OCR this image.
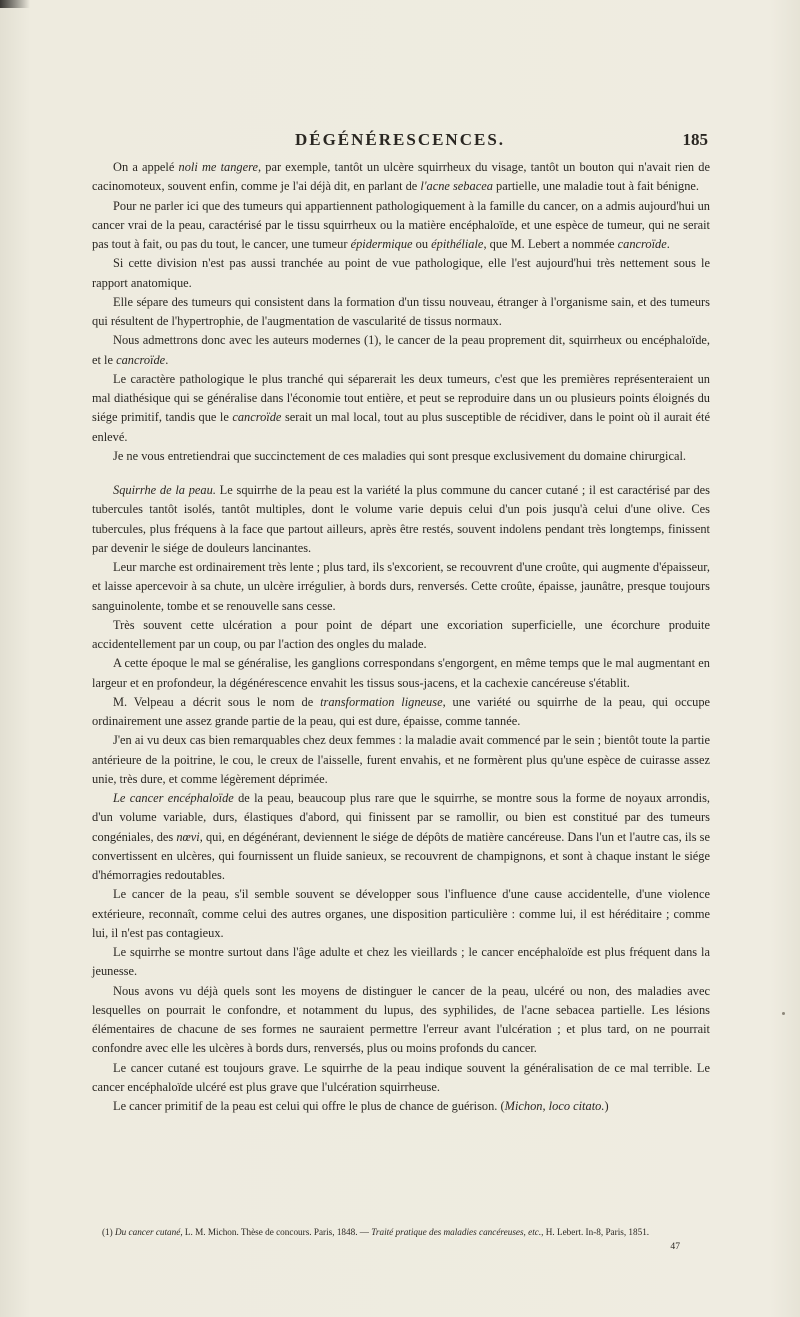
DÉGÉNÉRESCENCES.	185

On a appelé noli me tangere, par exemple, tantôt un ulcère squirrheux du visage, tantôt un bouton qui n'avait rien de cacinomoteux, souvent enfin, comme je l'ai déjà dit, en parlant de l'acne sebacea partielle, une maladie tout à fait bénigne.

Pour ne parler ici que des tumeurs qui appartiennent pathologiquement à la famille du cancer, on a admis aujourd'hui un cancer vrai de la peau, caractérisé par le tissu squirrheux ou la matière encéphaloïde, et une espèce de tumeur, qui ne serait pas tout à fait, ou pas du tout, le cancer, une tumeur épidermique ou épithéliale, que M. Lebert a nommée cancroïde.

Si cette division n'est pas aussi tranchée au point de vue pathologique, elle l'est aujourd'hui très nettement sous le rapport anatomique.

Elle sépare des tumeurs qui consistent dans la formation d'un tissu nouveau, étranger à l'organisme sain, et des tumeurs qui résultent de l'hypertrophie, de l'augmentation de vascularité de tissus normaux.

Nous admettrons donc avec les auteurs modernes (1), le cancer de la peau proprement dit, squirrheux ou encéphaloïde, et le cancroïde.

Le caractère pathologique le plus tranché qui séparerait les deux tumeurs, c'est que les premières représenteraient un mal diathésique qui se généralise dans l'économie tout entière, et peut se reproduire dans un ou plusieurs points éloignés du siége primitif, tandis que le cancroïde serait un mal local, tout au plus susceptible de récidiver, dans le point où il aurait été enlevé.

Je ne vous entretiendrai que succinctement de ces maladies qui sont presque exclusivement du domaine chirurgical.

Squirrhe de la peau. Le squirrhe de la peau est la variété la plus commune du cancer cutané ; il est caractérisé par des tubercules tantôt isolés, tantôt multiples, dont le volume varie depuis celui d'un pois jusqu'à celui d'une olive. Ces tubercules, plus fréquens à la face que partout ailleurs, après être restés, souvent indolens pendant très longtemps, finissent par devenir le siége de douleurs lancinantes.

Leur marche est ordinairement très lente ; plus tard, ils s'excorient, se recouvrent d'une croûte, qui augmente d'épaisseur, et laisse apercevoir à sa chute, un ulcère irrégulier, à bords durs, renversés. Cette croûte, épaisse, jaunâtre, presque toujours sanguinolente, tombe et se renouvelle sans cesse.

Très souvent cette ulcération a pour point de départ une excoriation superficielle, une écorchure produite accidentellement par un coup, ou par l'action des ongles du malade.

A cette époque le mal se généralise, les ganglions correspondans s'engorgent, en même temps que le mal augmentant en largeur et en profondeur, la dégénérescence envahit les tissus sous-jacens, et la cachexie cancéreuse s'établit.

M. Velpeau a décrit sous le nom de transformation ligneuse, une variété ou squirrhe de la peau, qui occupe ordinairement une assez grande partie de la peau, qui est dure, épaisse, comme tannée.

J'en ai vu deux cas bien remarquables chez deux femmes : la maladie avait commencé par le sein ; bientôt toute la partie antérieure de la poitrine, le cou, le creux de l'aisselle, furent envahis, et ne formèrent plus qu'une espèce de cuirasse assez unie, très dure, et comme légèrement déprimée.

Le cancer encéphaloïde de la peau, beaucoup plus rare que le squirrhe, se montre sous la forme de noyaux arrondis, d'un volume variable, durs, élastiques d'abord, qui finissent par se ramollir, ou bien est constitué par des tumeurs congéniales, des nœvi, qui, en dégénérant, deviennent le siége de dépôts de matière cancéreuse. Dans l'un et l'autre cas, ils se convertissent en ulcères, qui fournissent un fluide sanieux, se recouvrent de champignons, et sont à chaque instant le siége d'hémorragies redoutables.

Le cancer de la peau, s'il semble souvent se développer sous l'influence d'une cause accidentelle, d'une violence extérieure, reconnaît, comme celui des autres organes, une disposition particulière : comme lui, il est héréditaire ; comme lui, il n'est pas contagieux.

Le squirrhe se montre surtout dans l'âge adulte et chez les vieillards ; le cancer encéphaloïde est plus fréquent dans la jeunesse.

Nous avons vu déjà quels sont les moyens de distinguer le cancer de la peau, ulcéré ou non, des maladies avec lesquelles on pourrait le confondre, et notamment du lupus, des syphilides, de l'acne sebacea partielle. Les lésions élémentaires de chacune de ses formes ne sauraient permettre l'erreur avant l'ulcération ; et plus tard, on ne pourrait confondre avec elle les ulcères à bords durs, renversés, plus ou moins profonds du cancer.

Le cancer cutané est toujours grave. Le squirrhe de la peau indique souvent la généralisation de ce mal terrible. Le cancer encéphaloïde ulcéré est plus grave que l'ulcération squirrheuse.

Le cancer primitif de la peau est celui qui offre le plus de chance de guérison. (Michon, loco citato.)

(1) Du cancer cutané, L. M. Michon. Thèse de concours. Paris, 1848. — Traité pratique des maladies cancéreuses, etc., H. Lebert. In-8, Paris, 1851.
47
